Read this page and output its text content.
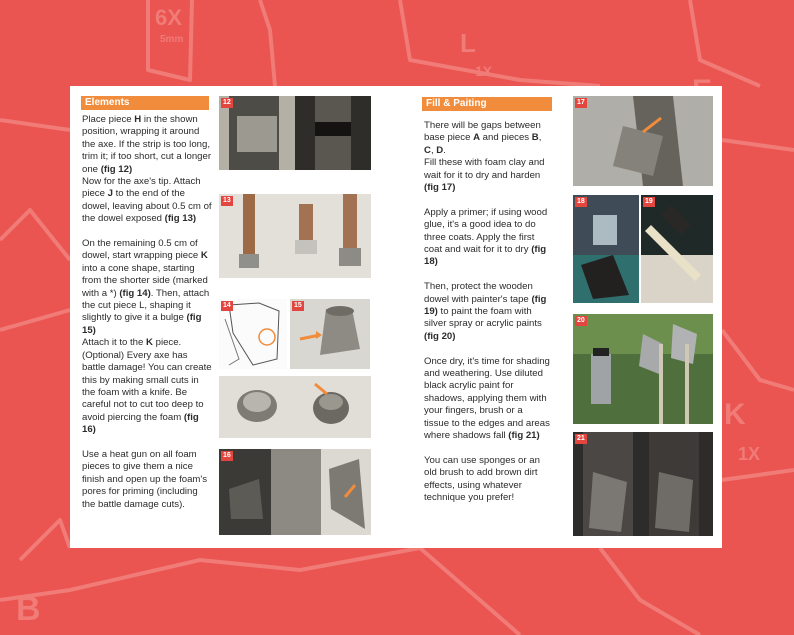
6X
5mm	L
1X
K
1X
B
Elements

Place piece H in the shown position, wrapping it around the axe. If the strip is too long, trim it; if too short, cut a longer one (fig 12)
Now for the axe's tip. Attach piece J to the end of the dowel, leaving about 0.5 cm of the dowel exposed (fig 13)

On the remaining 0.5 cm of dowel, start wrapping piece K into a cone shape, starting from the shorter side (marked with a *) (fig 14). Then, attach the cut piece L, shaping it slightly to give it a bulge (fig 15)
Attach it to the K piece. (Optional) Every axe has battle damage! You can create this by making small cuts in the foam with a knife. Be careful not to cut too deep to avoid piercing the foam (fig 16)

Use a heat gun on all foam pieces to give them a nice finish and open up the foam's pores for priming (including the battle damage cuts).

12
13
14	15
16
Fill & Paiting

There will be gaps between base piece A and pieces B, C, D.
Fill these with foam clay and wait for it to dry and harden (fig 17)

Apply a primer; if using wood glue, it's a good idea to do three coats. Apply the first coat and wait for it to dry (fig 18)

Then, protect the wooden dowel with painter's tape (fig 19) to paint the foam with silver spray or acrylic paints (fig 20)

Once dry, it's time for shading and weathering. Use diluted black acrylic paint for shadows, applying them with your fingers, brush or a tissue to the edges and areas where shadows fall (fig 21)

You can use sponges or an old brush to add brown dirt effects, using whatever technique you prefer!

17
18	19
20
21
